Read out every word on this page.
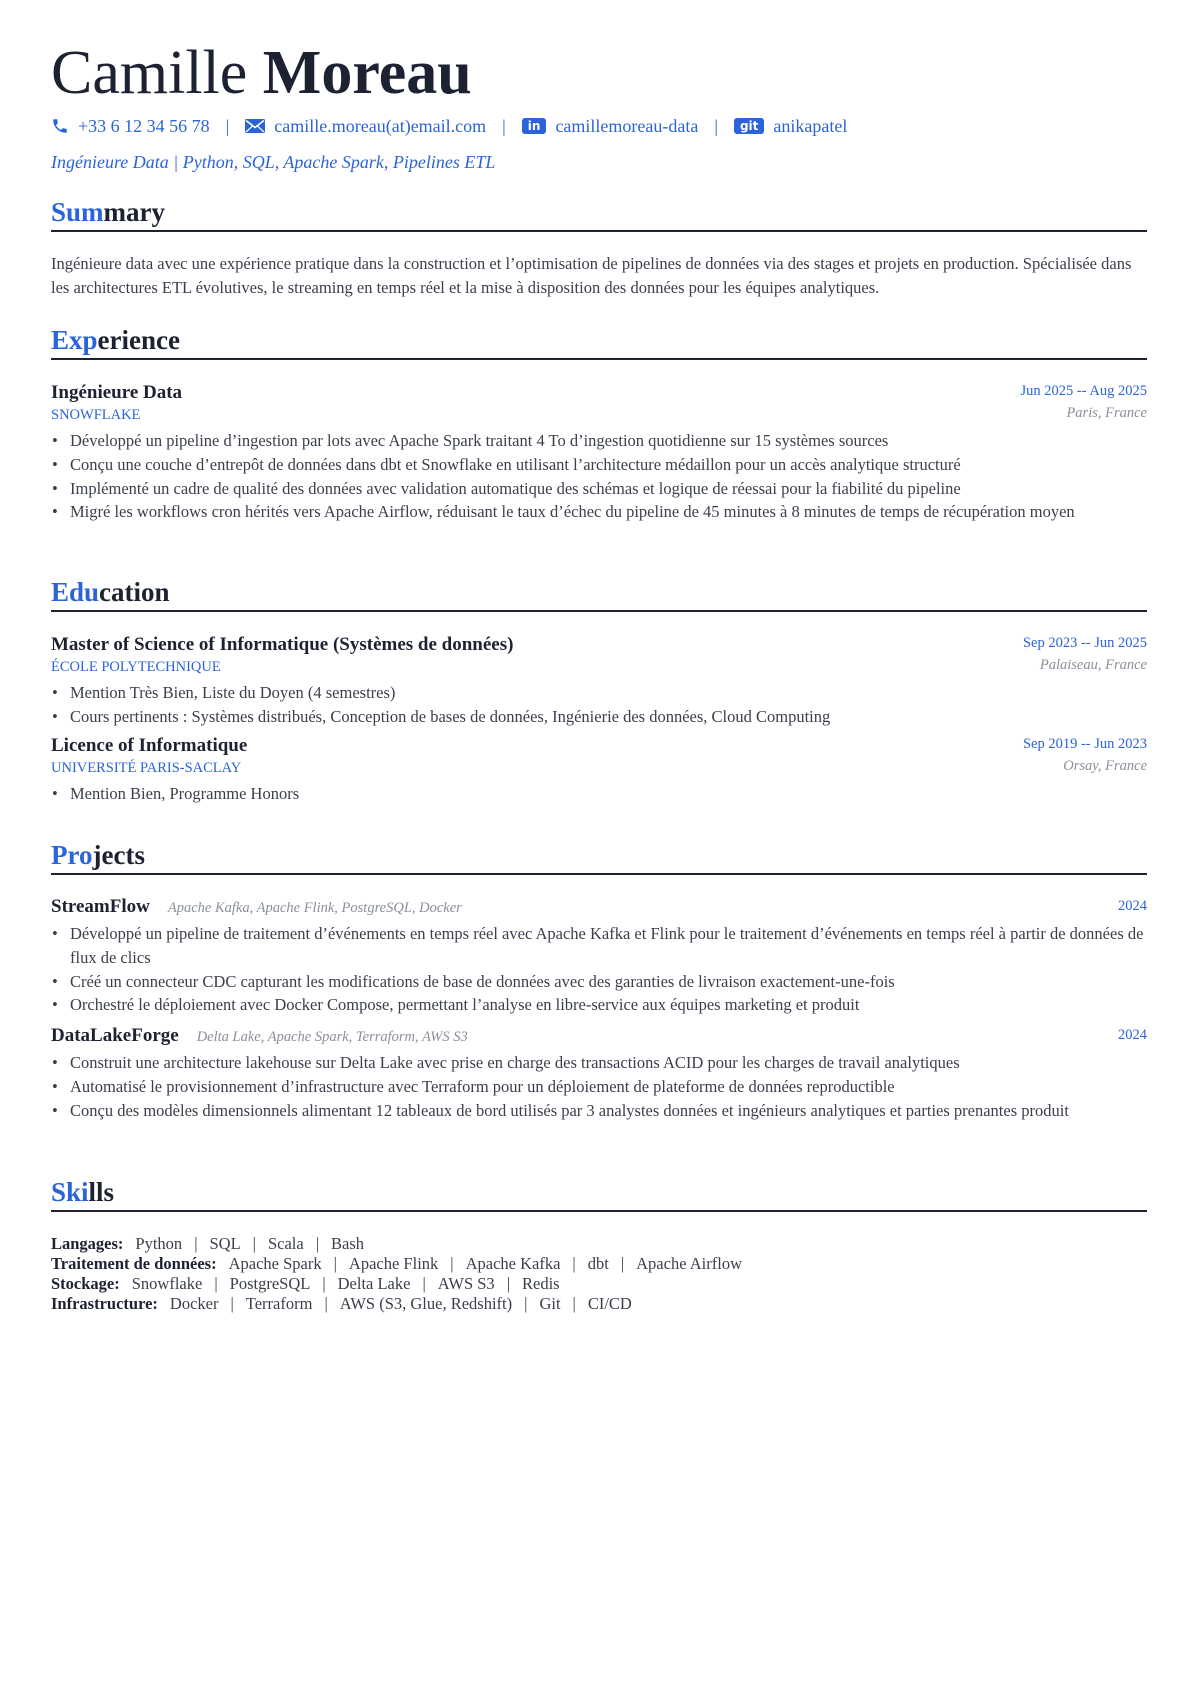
Camille Moreau
+33 6 12 34 56 78 |	camille.moreau(at)email.com |	in camillemoreau-data |	git anikapatel
Ingénieure Data | Python, SQL, Apache Spark, Pipelines ETL
Summary
Ingénieure data avec une expérience pratique dans la construction et l’optimisation de pipelines de données via des stages et projets en production. Spécialisée dans les architectures ETL évolutives, le streaming en temps réel et la mise à disposition des données pour les équipes analytiques.
Experience
Ingénieure Data
SNOWFLAKE
Jun 2025 -- Aug 2025
Paris, France
• Développé un pipeline d’ingestion par lots avec Apache Spark traitant 4 To d’ingestion quotidienne sur 15 systèmes sources
• Conçu une couche d’entrepôt de données dans dbt et Snowflake en utilisant l’architecture médaillon pour un accès analytique structuré
• Implémenté un cadre de qualité des données avec validation automatique des schémas et logique de réessai pour la fiabilité du pipeline
• Migré les workflows cron hérités vers Apache Airflow, réduisant le taux d’échec du pipeline de 45 minutes à 8 minutes de temps de récupération moyen
Education
Master of Science of Informatique (Systèmes de données)
ÉCOLE POLYTECHNIQUE
Sep 2023 -- Jun 2025
Palaiseau, France
• Mention Très Bien, Liste du Doyen (4 semestres)
• Cours pertinents : Systèmes distribués, Conception de bases de données, Ingénierie des données, Cloud Computing
Licence of Informatique
UNIVERSITÉ PARIS-SACLAY
Sep 2019 -- Jun 2023
Orsay, France
• Mention Bien, Programme Honors
Projects
StreamFlow Apache Kafka, Apache Flink, PostgreSQL, Docker	2024
• Développé un pipeline de traitement d’événements en temps réel avec Apache Kafka et Flink pour le traitement d’événements en temps réel à partir de données de flux de clics
• Créé un connecteur CDC capturant les modifications de base de données avec des garanties de livraison exactement-une-fois
• Orchestré le déploiement avec Docker Compose, permettant l’analyse en libre-service aux équipes marketing et produit
DataLakeForge Delta Lake, Apache Spark, Terraform, AWS S3	2024
• Construit une architecture lakehouse sur Delta Lake avec prise en charge des transactions ACID pour les charges de travail analytiques
• Automatisé le provisionnement d’infrastructure avec Terraform pour un déploiement de plateforme de données reproductible
• Conçu des modèles dimensionnels alimentant 12 tableaux de bord utilisés par 3 analystes données et ingénieurs analytiques et parties prenantes produit
Skills
Langages: Python | SQL | Scala | Bash
Traitement de données: Apache Spark | Apache Flink | Apache Kafka | dbt | Apache Airflow
Stockage: Snowflake | PostgreSQL | Delta Lake | AWS S3 | Redis
Infrastructure: Docker | Terraform | AWS (S3, Glue, Redshift) | Git | CI/CD
